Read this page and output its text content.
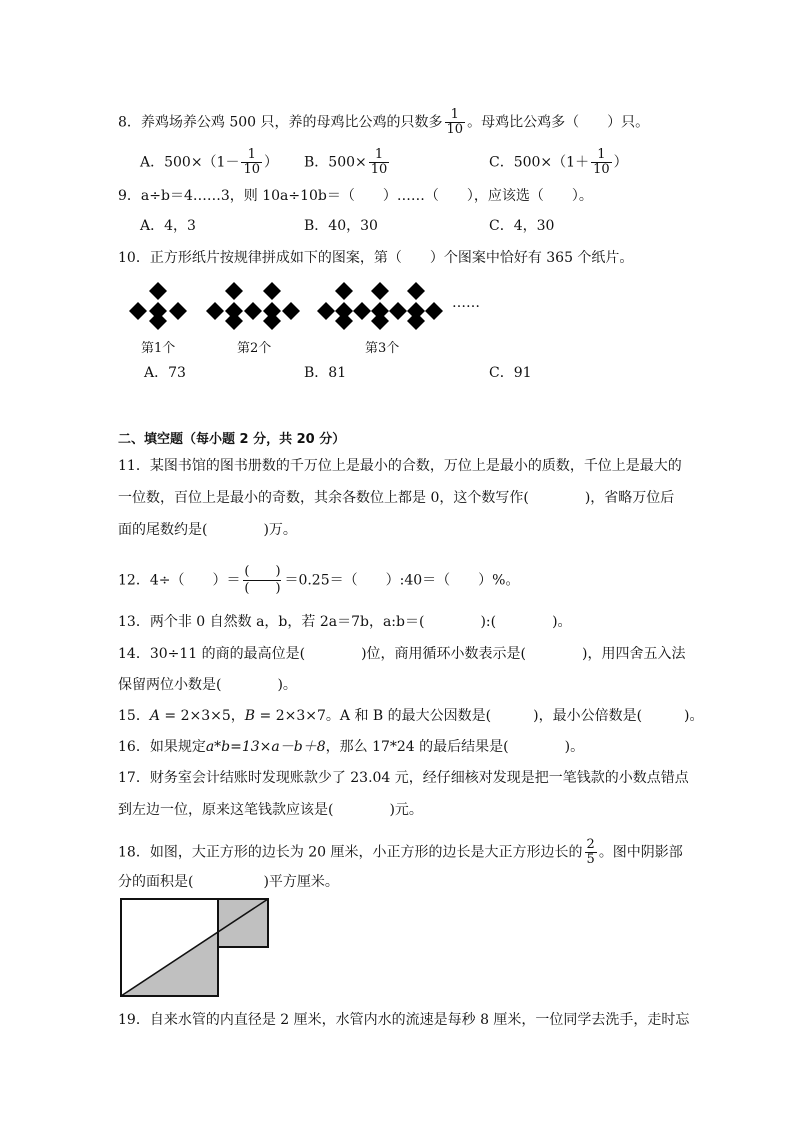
8．养鸡场养公鸡 500 只，养的母鸡比公鸡的只数多 $\frac{1}{10}$ 。母鸡比公鸡多（　　）只。
A．$500\times(1- \frac{1}{10}$ ） B．$500\times \frac{1}{10}$	C．$500\times(1+ \frac{1}{10}$ ）
9．a÷b＝4……3，则 10a÷10b＝（　　）……（　　），应该选（　　）。
A．4，3	B．40，30	C．4，30
10．正方形纸片按规律拼成如下的图案，第（　　）个图案中恰好有 365 个纸片。
……
第1个	第2个	第3个
A．73	B．81	C．91
二、填空题（每小题 2 分，共 20 分）
11．某图书馆的图书册数的千万位上是最小的合数，万位上是最小的质数，千位上是最大的
一位数，百位上是最小的奇数，其余各数位上都是 0，这个数写作(　　　　)，省略万位后
面的尾数约是(　　　　)万。
12．4÷（　　）＝
(　　)
(　　) ＝0.25＝（　　）:40＝（　　）%。
13．两个非 0 自然数 a，b，若 2a＝7b，a:b＝(　　　　):(　　　　)。
14．30÷11 的商的最高位是(　　　　)位，商用循环小数表示是(　　　　)，用四舍五入法
保留两位小数是(　　　　)。
15．A = 2×3×5，B = 2×3×7。A 和 B 的最大公因数是(　　　)，最小公倍数是(　　　)。
16．如果规定a*b=13×a－b＋8，那么 17*24 的最后结果是(　　　　)。
17．财务室会计结账时发现账款少了 23.04 元，经仔细核对发现是把一笔钱款的小数点错点
到左边一位，原来这笔钱款应该是(　　　　)元。
18．如图，大正方形的边长为 20 厘米，小正方形的边长是大正方形边长的 $\frac{2}{5}$ 。图中阴影部
分的面积是(　　　　　)平方厘米。
19．自来水管的内直径是 2 厘米，水管内水的流速是每秒 8 厘米，一位同学去洗手，走时忘
